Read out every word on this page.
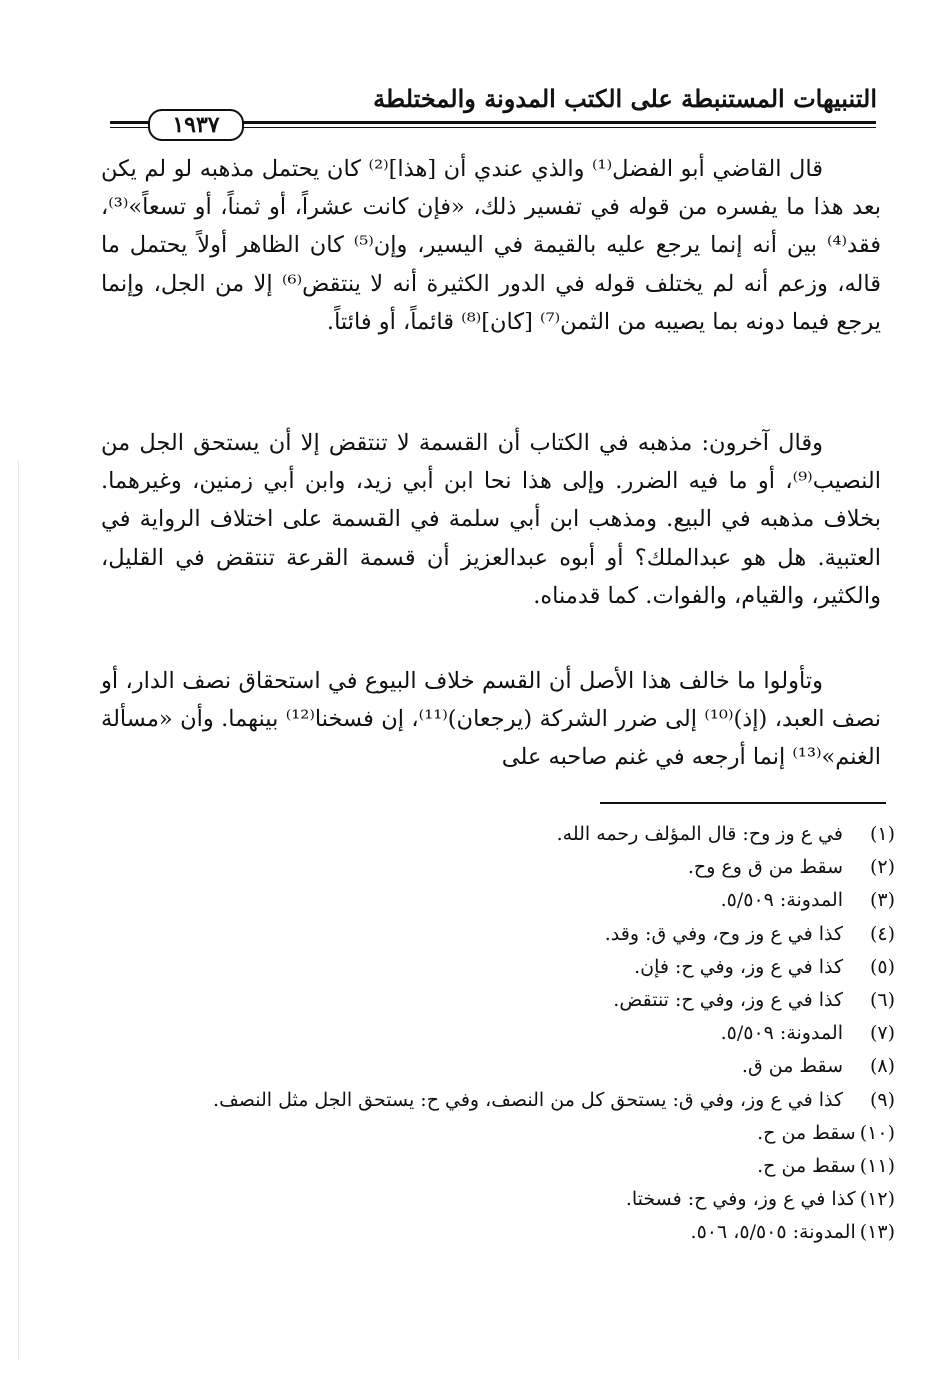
التنبيهات المستنبطة على الكتب المدونة والمختلطة
١٩٣٧

قال القاضي أبو الفضل⁽¹⁾ والذي عندي أن [هذا]⁽²⁾ كان يحتمل مذهبه لو لم يكن بعد هذا ما يفسره من قوله في تفسير ذلك، «فإن كانت عشراً، أو ثمناً، أو تسعاً»⁽³⁾، فقد⁽⁴⁾ بين أنه إنما يرجع عليه بالقيمة في اليسير، وإن⁽⁵⁾ كان الظاهر أولاً يحتمل ما قاله، وزعم أنه لم يختلف قوله في الدور الكثيرة أنه لا ينتقض⁽⁶⁾ إلا من الجل، وإنما يرجع فيما دونه بما يصيبه من الثمن⁽⁷⁾ [كان]⁽⁸⁾ قائماً، أو فائتاً.

وقال آخرون: مذهبه في الكتاب أن القسمة لا تنتقض إلا أن يستحق الجل من النصيب⁽⁹⁾، أو ما فيه الضرر. وإلى هذا نحا ابن أبي زيد، وابن أبي زمنين، وغيرهما. بخلاف مذهبه في البيع. ومذهب ابن أبي سلمة في القسمة على اختلاف الرواية في العتبية. هل هو عبدالملك؟ أو أبوه عبدالعزيز أن قسمة القرعة تنتقض في القليل، والكثير، والقيام، والفوات. كما قدمناه.

وتأولوا ما خالف هذا الأصل أن القسم خلاف البيوع في استحقاق نصف الدار، أو نصف العبد، (إذ)⁽¹⁰⁾ إلى ضرر الشركة (يرجعان)⁽¹¹⁾، إن فسخنا⁽¹²⁾ بينهما. وأن «مسألة الغنم»⁽¹³⁾ إنما أرجعه في غنم صاحبه على

(١)
في ع وز وح: قال المؤلف رحمه الله.
(٢)
سقط من ق وع وح.
(٣)
المدونة: ٥/٥٠٩.
(٤)
كذا في ع وز وح، وفي ق: وقد.
(٥)
كذا في ع وز، وفي ح: فإن.
(٦)
كذا في ع وز، وفي ح: تنتقض.
(٧)
المدونة: ٥/٥٠٩.
(٨)
سقط من ق.
(٩)
كذا في ع وز، وفي ق: يستحق كل من النصف، وفي ح: يستحق الجل مثل النصف.
(١٠)
سقط من ح.
(١١)
سقط من ح.
(١٢)
كذا في ع وز، وفي ح: فسختا.
(١٣)
المدونة: ٥/٥٠٥، ٥٠٦.
